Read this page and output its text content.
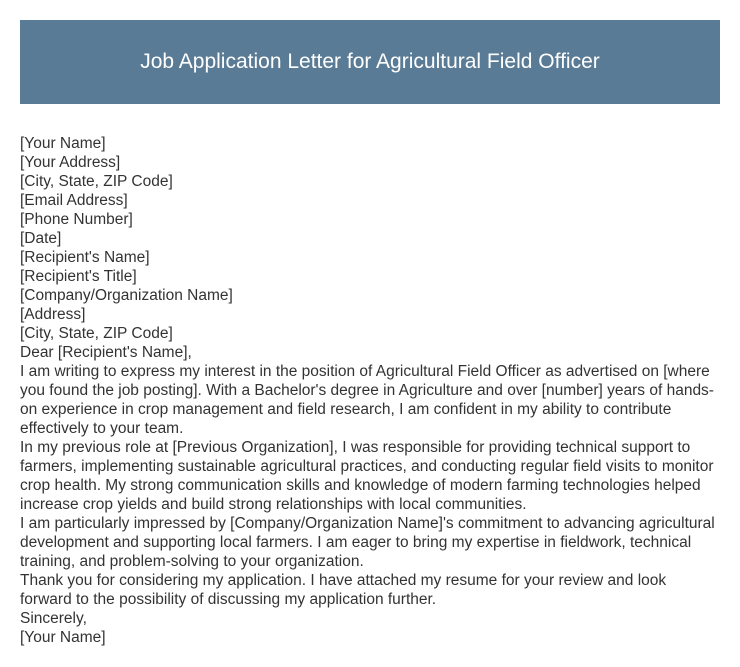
Job Application Letter for Agricultural Field Officer
[Your Name]
[Your Address]
[City, State, ZIP Code]
[Email Address]
[Phone Number]
[Date]
[Recipient's Name]
[Recipient's Title]
[Company/Organization Name]
[Address]
[City, State, ZIP Code]
Dear [Recipient's Name],

I am writing to express my interest in the position of Agricultural Field Officer as advertised on [where you found the job posting]. With a Bachelor's degree in Agriculture and over [number] years of hands-on experience in crop management and field research, I am confident in my ability to contribute effectively to your team.

In my previous role at [Previous Organization], I was responsible for providing technical support to farmers, implementing sustainable agricultural practices, and conducting regular field visits to monitor crop health. My strong communication skills and knowledge of modern farming technologies helped increase crop yields and build strong relationships with local communities.

I am particularly impressed by [Company/Organization Name]'s commitment to advancing agricultural development and supporting local farmers. I am eager to bring my expertise in fieldwork, technical training, and problem-solving to your organization.

Thank you for considering my application. I have attached my resume for your review and look forward to the possibility of discussing my application further.

Sincerely,
[Your Name]
